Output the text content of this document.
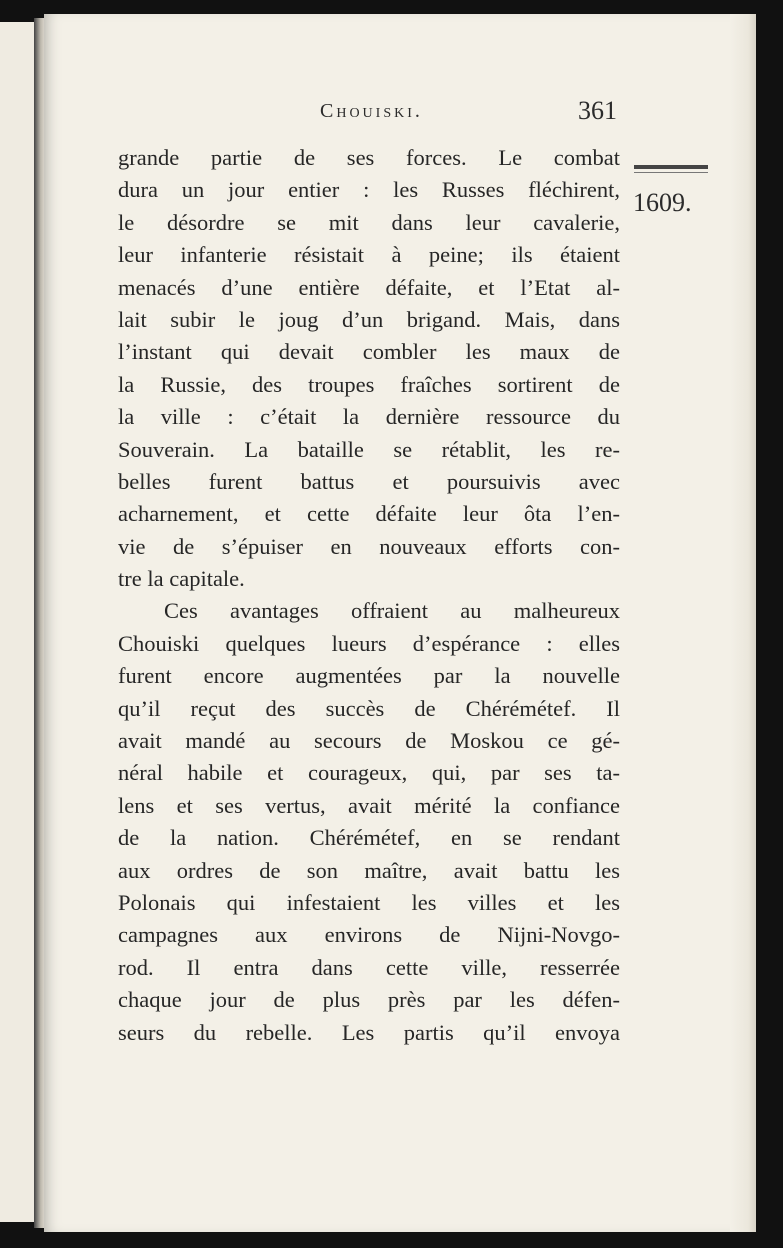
Chouiski.	361
1609.
grande partie de ses forces. Le combat
dura un jour entier : les Russes fléchirent,
le désordre se mit dans leur cavalerie,
leur infanterie résistait à peine; ils étaient
menacés d’une entière défaite, et l’Etat al-
lait subir le joug d’un brigand. Mais, dans
l’instant qui devait combler les maux de
la Russie, des troupes fraîches sortirent de
la ville : c’était la dernière ressource du
Souverain. La bataille se rétablit, les re-
belles furent battus et poursuivis avec
acharnement, et cette défaite leur ôta l’en-
vie de s’épuiser en nouveaux efforts con-
tre la capitale.
Ces avantages offraient au malheureux
Chouiski quelques lueurs d’espérance : elles
furent encore augmentées par la nouvelle
qu’il reçut des succès de Chérémétef. Il
avait mandé au secours de Moskou ce gé-
néral habile et courageux, qui, par ses ta-
lens et ses vertus, avait mérité la confiance
de la nation. Chérémétef, en se rendant
aux ordres de son maître, avait battu les
Polonais qui infestaient les villes et les
campagnes aux environs de Nijni-Novgo-
rod. Il entra dans cette ville, resserrée
chaque jour de plus près par les défen-
seurs du rebelle. Les partis qu’il envoya
